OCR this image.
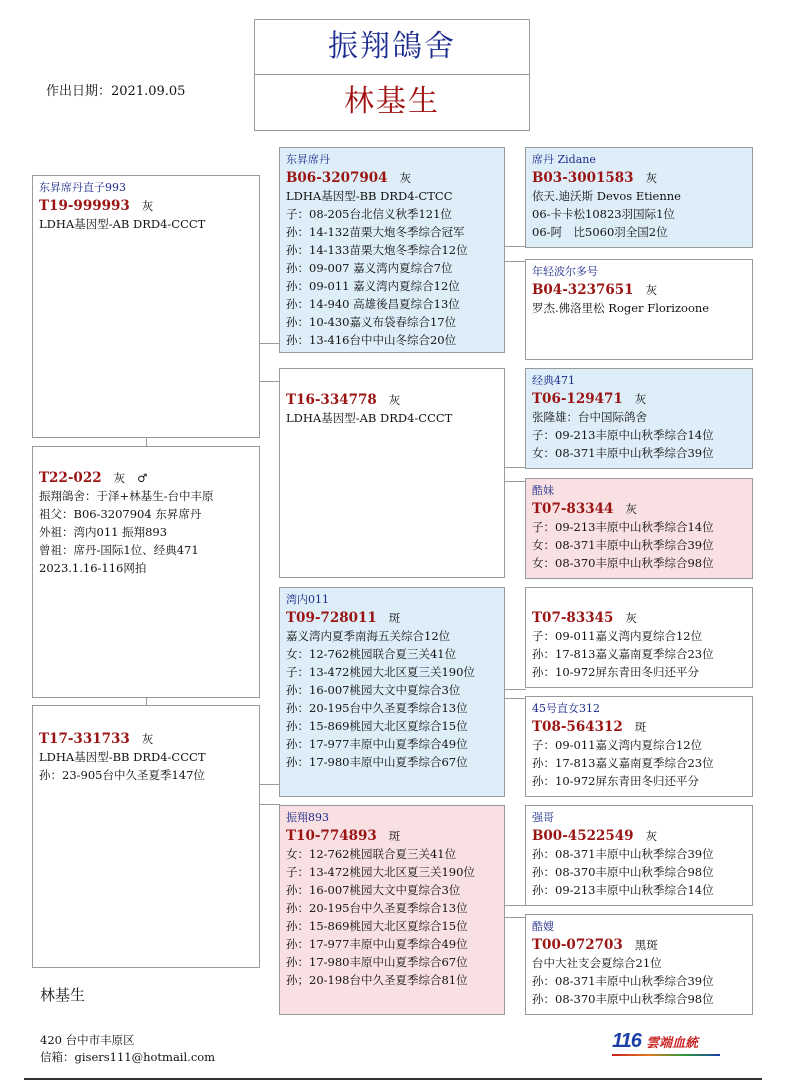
振翔鴿舍
林基生
作出日期：2021.09.05
东昇席丹直子993
T19-999993 灰
LDHA基因型-AB DRD4-CCCT
T22-022 灰 ♂
振翔鴿舍：于泽+林基生-台中丰原
祖父：B06-3207904 东昇席丹
外祖：湾内011 振翔893
曾祖：席丹-国际1位、经典471
2023.1.16-116网拍
T17-331733 灰
LDHA基因型-BB DRD4-CCCT
孙：23-905台中久圣夏季147位
东昇席丹
B06-3207904 灰
LDHA基因型-BB DRD4-CTCC
子：08-205台北信义秋季121位
孙：14-132苗栗大炮冬季综合冠军
孙：14-133苗栗大炮冬季综合12位
孙：09-007 嘉义湾内夏综合7位
孙：09-011 嘉义湾内夏综合12位
孙：14-940 高雄後昌夏综合13位
孙：10-430嘉义布袋春综合17位
孙：13-416台中中山冬综合20位
T16-334778 灰
LDHA基因型-AB DRD4-CCCT
湾内011
T09-728011 斑
嘉义湾内夏季南海五关综合12位
女：12-762桃园联合夏三关41位
子：13-472桃园大北区夏三关190位
孙：16-007桃园大文中夏综合3位
孙：20-195台中久圣夏季综合13位
孙：15-869桃园大北区夏综合15位
孙：17-977丰原中山夏季综合49位
孙：17-980丰原中山夏季综合67位
振翔893
T10-774893 斑
女：12-762桃园联合夏三关41位
子：13-472桃园大北区夏三关190位
孙：16-007桃园大文中夏综合3位
孙：20-195台中久圣夏季综合13位
孙：15-869桃园大北区夏综合15位
孙：17-977丰原中山夏季综合49位
孙：17-980丰原中山夏季综合67位
孙；20-198台中久圣夏季综合81位
席丹 Zidane
B03-3001583 灰
依天.迪沃斯 Devos Etienne
06-卡卡松10823羽国际1位
06-阿　比5060羽全国2位
年轻波尔多号
B04-3237651 灰
罗杰.佛洛里松 Roger Florizoone
经典471
T06-129471 灰
张隆雄：台中国际鸽舍
子：09-213丰原中山秋季综合14位
女：08-371丰原中山秋季综合39位
酷妹
T07-83344 灰
子：09-213丰原中山秋季综合14位
女：08-371丰原中山秋季综合39位
女：08-370丰原中山秋季综合98位
T07-83345 灰
子：09-011嘉义湾内夏综合12位
孙：17-813嘉义嘉南夏季综合23位
孙：10-972屏东青田冬归还平分
45号直女312
T08-564312 斑
子：09-011嘉义湾内夏综合12位
孙：17-813嘉义嘉南夏季综合23位
孙：10-972屏东青田冬归还平分
强哥
B00-4522549 灰
孙：08-371丰原中山秋季综合39位
孙：08-370丰原中山秋季综合98位
孙：09-213丰原中山秋季综合14位
酷嫂
T00-072703 黑斑
台中大社支会夏综合21位
孙：08-371丰原中山秋季综合39位
孙：08-370丰原中山秋季综合98位
林基生
420 台中市丰原区
信箱：gisers111@hotmail.com
116 雲端血統
